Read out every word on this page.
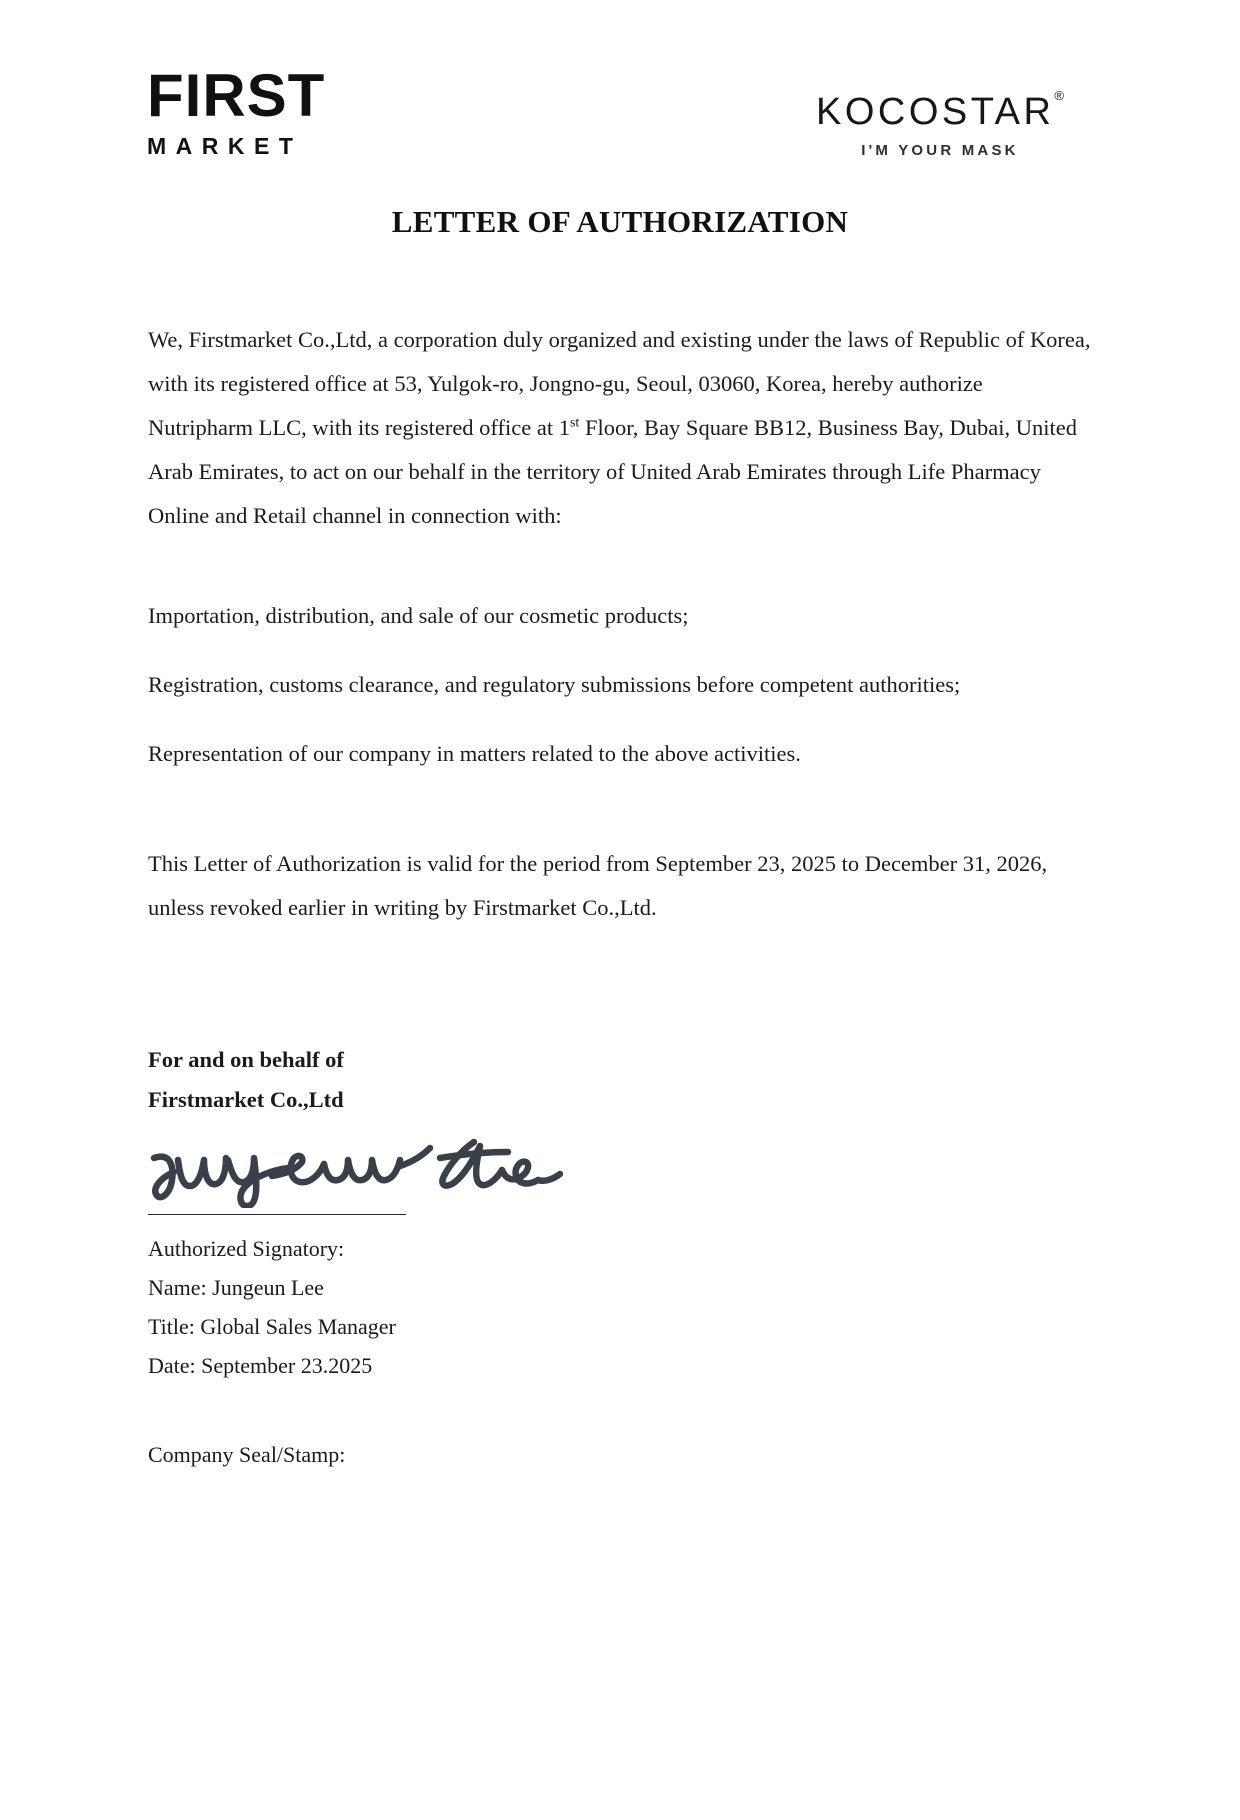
FIRST
MARKET
KOCOSTAR®
I'M YOUR MASK
LETTER OF AUTHORIZATION

We, Firstmarket Co.,Ltd, a corporation duly organized and existing under the laws of Republic of Korea, with its registered office at 53, Yulgok-ro, Jongno-gu, Seoul, 03060, Korea, hereby authorize Nutripharm LLC, with its registered office at 1st Floor, Bay Square BB12, Business Bay, Dubai, United Arab Emirates, to act on our behalf in the territory of United Arab Emirates through Life Pharmacy Online and Retail channel in connection with:

Importation, distribution, and sale of our cosmetic products;
Registration, customs clearance, and regulatory submissions before competent authorities;
Representation of our company in matters related to the above activities.

This Letter of Authorization is valid for the period from September 23, 2025 to December 31, 2026, unless revoked earlier in writing by Firstmarket Co.,Ltd.

For and on behalf of
Firstmarket Co.,Ltd
Authorized Signatory:
Name: Jungeun Lee
Title: Global Sales Manager
Date: September 23.2025
Company Seal/Stamp:
